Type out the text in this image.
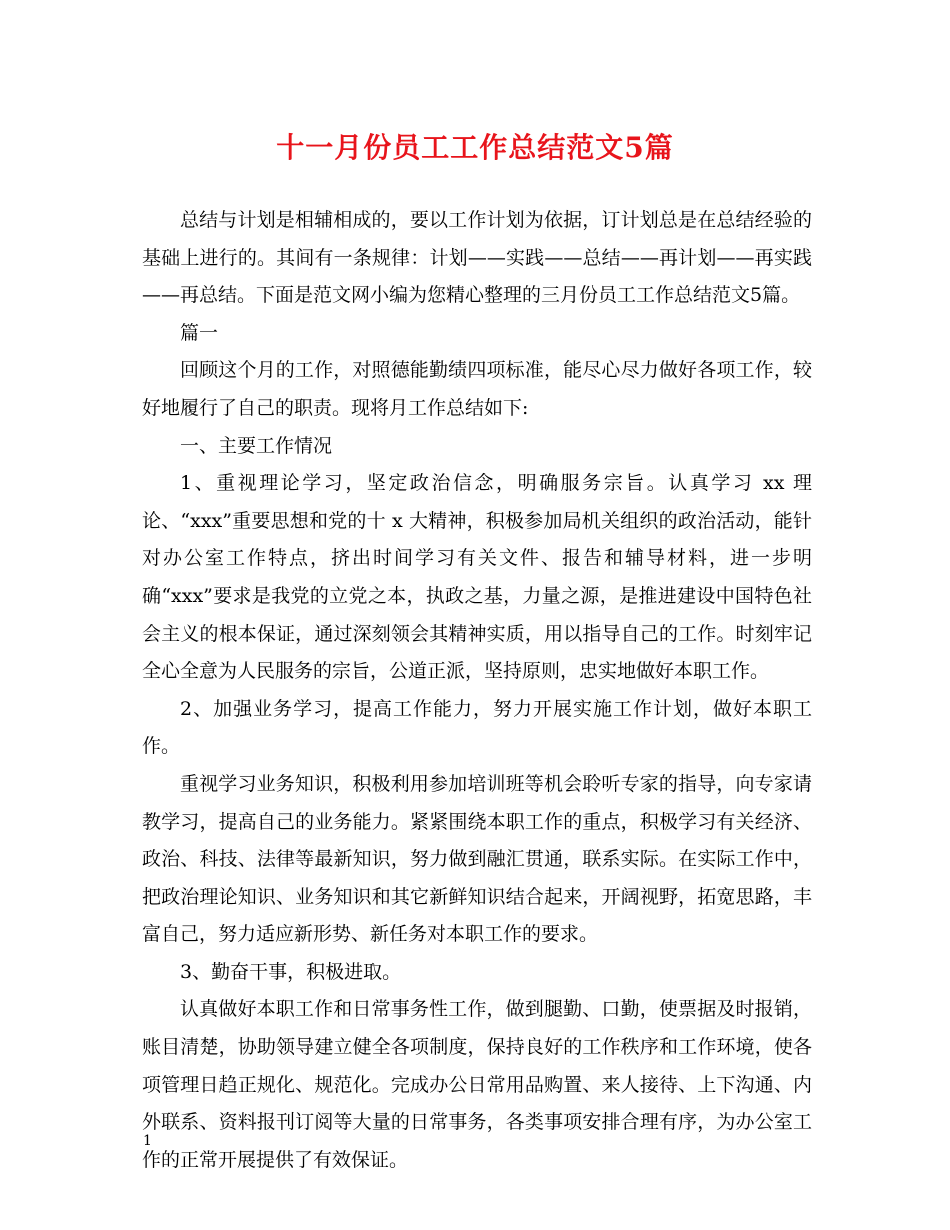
十一月份员工工作总结范文5篇

总结与计划是相辅相成的，要以工作计划为依据，订计划总是在总结经验的基础上进行的。其间有一条规律：计划——实践——总结——再计划——再实践——再总结。下面是范文网小编为您精心整理的三月份员工工作总结范文5篇。

篇一

回顾这个月的工作，对照德能勤绩四项标准，能尽心尽力做好各项工作，较好地履行了自己的职责。现将月工作总结如下:

一、主要工作情况

1、重视理论学习，坚定政治信念，明确服务宗旨。认真学习 xx 理论、“xxx”重要思想和党的十 x 大精神，积极参加局机关组织的政治活动，能针对办公室工作特点，挤出时间学习有关文件、报告和辅导材料，进一步明确“xxx”要求是我党的立党之本，执政之基，力量之源，是推进建设中国特色社会主义的根本保证，通过深刻领会其精神实质，用以指导自己的工作。时刻牢记全心全意为人民服务的宗旨，公道正派，坚持原则，忠实地做好本职工作。

2、加强业务学习，提高工作能力，努力开展实施工作计划，做好本职工作。

重视学习业务知识，积极利用参加培训班等机会聆听专家的指导，向专家请教学习，提高自己的业务能力。紧紧围绕本职工作的重点，积极学习有关经济、政治、科技、法律等最新知识，努力做到融汇贯通，联系实际。在实际工作中，把政治理论知识、业务知识和其它新鲜知识结合起来，开阔视野，拓宽思路，丰富自己，努力适应新形势、新任务对本职工作的要求。

3、勤奋干事，积极进取。

认真做好本职工作和日常事务性工作，做到腿勤、口勤，使票据及时报销，账目清楚，协助领导建立健全各项制度，保持良好的工作秩序和工作环境，使各项管理日趋正规化、规范化。完成办公日常用品购置、来人接待、上下沟通、内外联系、资料报刊订阅等大量的日常事务，各类事项安排合理有序，为办公室工作的正常开展提供了有效保证。

1
